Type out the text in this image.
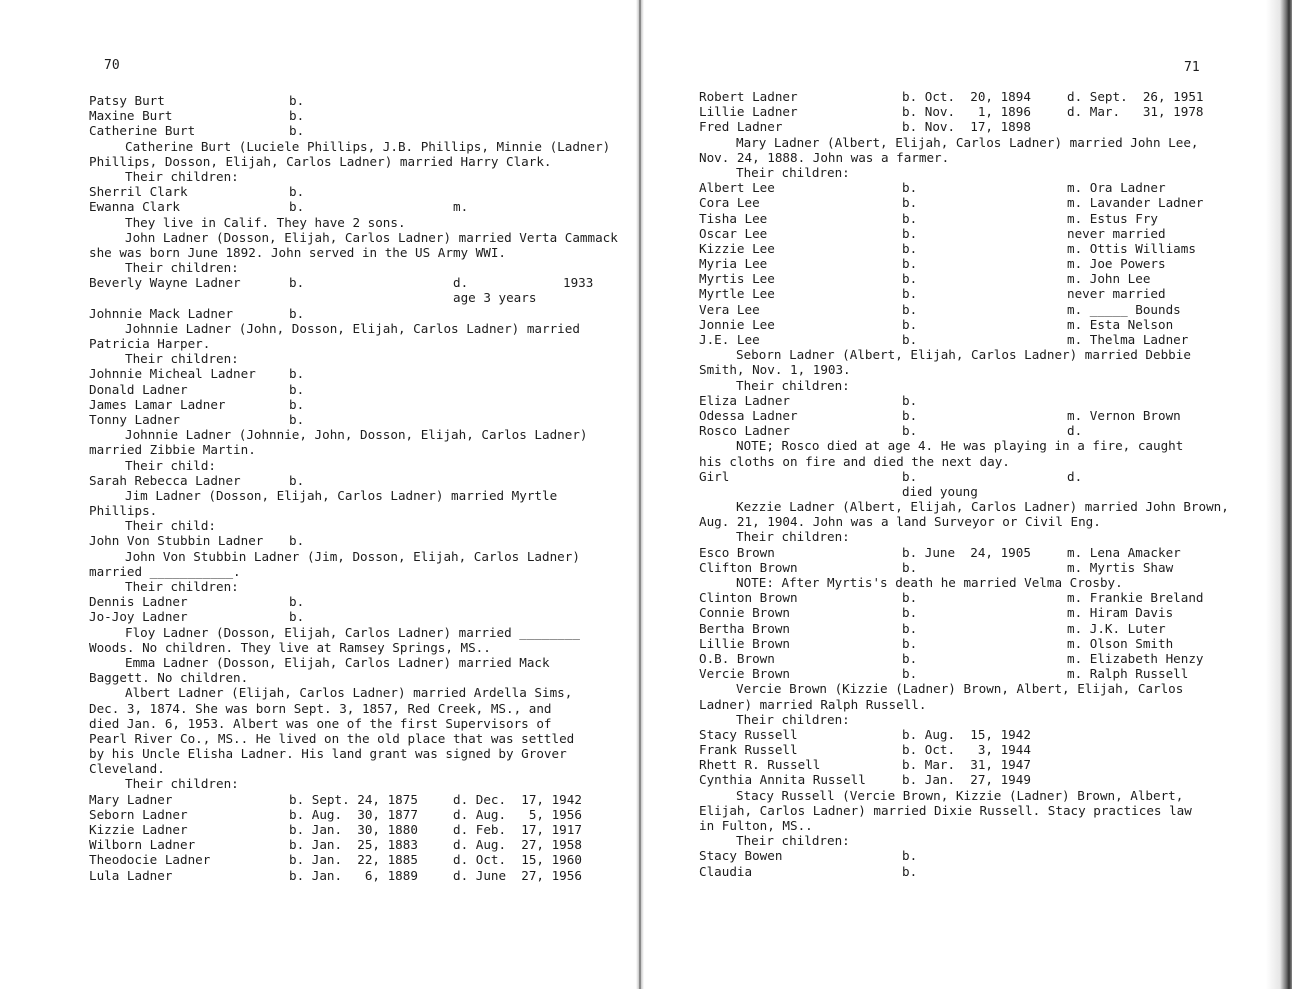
70	71
Patsy Burt	b.
Maxine Burt	b.
Catherine Burt	b.
Catherine Burt (Luciele Phillips, J.B. Phillips, Minnie (Ladner)
Phillips, Dosson, Elijah, Carlos Ladner) married Harry Clark.
Their children:
Sherril Clark	b.
Ewanna Clark	b.	m.
They live in Calif. They have 2 sons.
John Ladner (Dosson, Elijah, Carlos Ladner) married Verta Cammack
she was born June 1892. John served in the US Army WWI.
Their children:
Beverly Wayne Ladner	b.	d.	1933
age 3 years
Johnnie Mack Ladner	b.
Johnnie Ladner (John, Dosson, Elijah, Carlos Ladner) married
Patricia Harper.
Their children:
Johnnie Micheal Ladner	b.
Donald Ladner	b.
James Lamar Ladner	b.
Tonny Ladner	b.
Johnnie Ladner (Johnnie, John, Dosson, Elijah, Carlos Ladner)
married Zibbie Martin.
Their child:
Sarah Rebecca Ladner	b.
Jim Ladner (Dosson, Elijah, Carlos Ladner) married Myrtle
Phillips.
Their child:
John Von Stubbin Ladner b.
John Von Stubbin Ladner (Jim, Dosson, Elijah, Carlos Ladner)
married ___________.
Their children:
Dennis Ladner	b.
Jo-Joy Ladner	b.
Floy Ladner (Dosson, Elijah, Carlos Ladner) married ________
Woods. No children. They live at Ramsey Springs, MS..
Emma Ladner (Dosson, Elijah, Carlos Ladner) married Mack
Baggett. No children.
Albert Ladner (Elijah, Carlos Ladner) married Ardella Sims,
Dec. 3, 1874. She was born Sept. 3, 1857, Red Creek, MS., and
died Jan. 6, 1953. Albert was one of the first Supervisors of
Pearl River Co., MS.. He lived on the old place that was settled
by his Uncle Elisha Ladner. His land grant was signed by Grover
Cleveland.
Their children:
Mary Ladner	b. Sept. 24, 1875	d. Dec.  17, 1942
Seborn Ladner	b. Aug.  30, 1877	d. Aug.   5, 1956
Kizzie Ladner	b. Jan.  30, 1880	d. Feb.  17, 1917
Wilborn Ladner	b. Jan.  25, 1883	d. Aug.  27, 1958
Theodocie Ladner	b. Jan.  22, 1885	d. Oct.  15, 1960
Lula Ladner	b. Jan.   6, 1889	d. June  27, 1956
Robert Ladner	b. Oct.  20, 1894	d. Sept.  26, 1951
Lillie Ladner	b. Nov.   1, 1896	d. Mar.   31, 1978
Fred Ladner	b. Nov.  17, 1898
Mary Ladner (Albert, Elijah, Carlos Ladner) married John Lee,
Nov. 24, 1888. John was a farmer.
Their children:
Albert Lee	b.	m. Ora Ladner
Cora Lee	b.	m. Lavander Ladner
Tisha Lee	b.	m. Estus Fry
Oscar Lee	b.	never married
Kizzie Lee	b.	m. Ottis Williams
Myria Lee	b.	m. Joe Powers
Myrtis Lee	b.	m. John Lee
Myrtle Lee	b.	never married
Vera Lee	b.	m. _____ Bounds
Jonnie Lee	b.	m. Esta Nelson
J.E. Lee	b.	m. Thelma Ladner
Seborn Ladner (Albert, Elijah, Carlos Ladner) married Debbie
Smith, Nov. 1, 1903.
Their children:
Eliza Ladner	b.
Odessa Ladner	b.	m. Vernon Brown
Rosco Ladner	b.	d.
NOTE; Rosco died at age 4. He was playing in a fire, caught
his cloths on fire and died the next day.
Girl	b.	d.
died young
Kezzie Ladner (Albert, Elijah, Carlos Ladner) married John Brown,
Aug. 21, 1904. John was a land Surveyor or Civil Eng.
Their children:
Esco Brown	b. June  24, 1905	m. Lena Amacker
Clifton Brown	b.	m. Myrtis Shaw
NOTE: After Myrtis's death he married Velma Crosby.
Clinton Brown	b.	m. Frankie Breland
Connie Brown	b.	m. Hiram Davis
Bertha Brown	b.	m. J.K. Luter
Lillie Brown	b.	m. Olson Smith
O.B. Brown	b.	m. Elizabeth Henzy
Vercie Brown	b.	m. Ralph Russell
Vercie Brown (Kizzie (Ladner) Brown, Albert, Elijah, Carlos
Ladner) married Ralph Russell.
Their children:
Stacy Russell	b. Aug.  15, 1942
Frank Russell	b. Oct.   3, 1944
Rhett R. Russell	b. Mar.  31, 1947
Cynthia Annita Russell	b. Jan.  27, 1949
Stacy Russell (Vercie Brown, Kizzie (Ladner) Brown, Albert,
Elijah, Carlos Ladner) married Dixie Russell. Stacy practices law
in Fulton, MS..
Their children:
Stacy Bowen	b.
Claudia	b.
